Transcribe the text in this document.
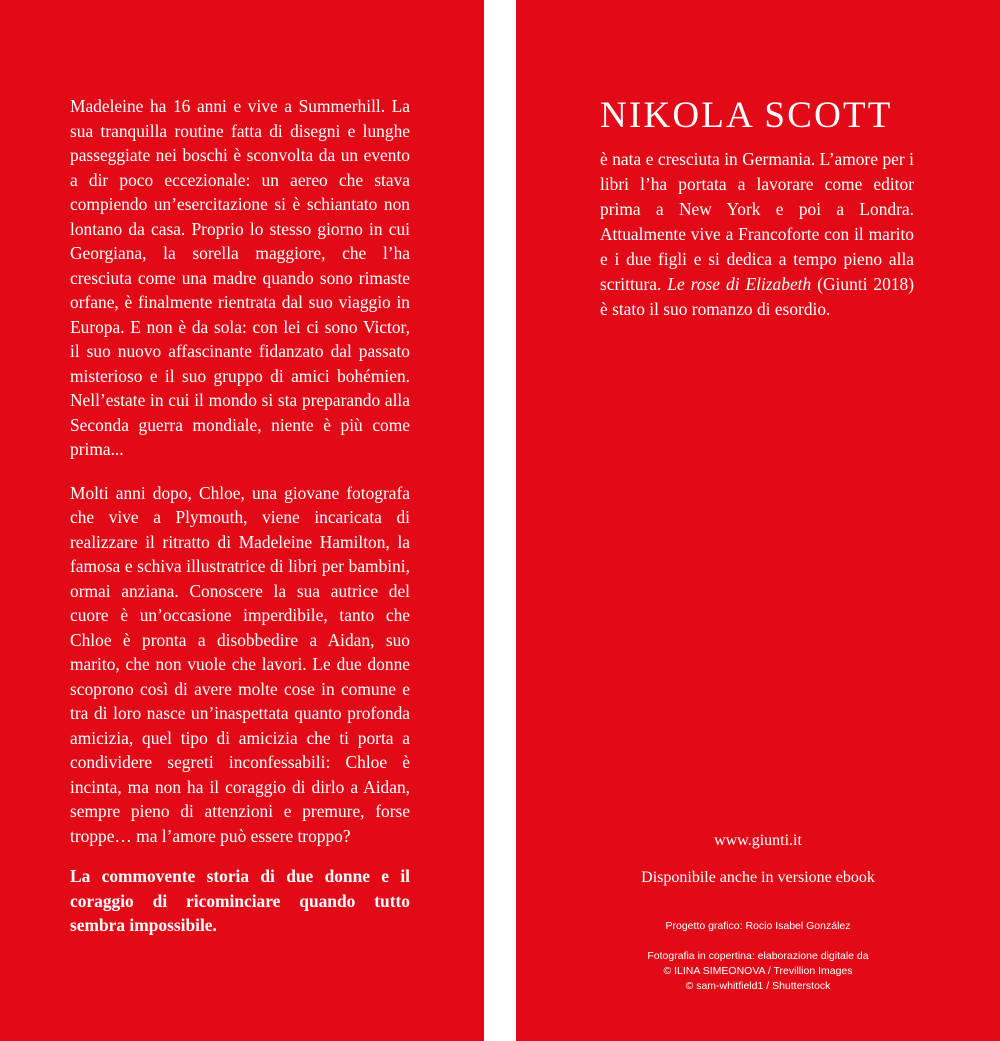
Madeleine ha 16 anni e vive a Summerhill. La sua tranquilla routine fatta di disegni e lunghe passeggiate nei boschi è sconvolta da un evento a dir poco eccezionale: un aereo che stava compiendo un’esercitazione si è schiantato non lontano da casa. Proprio lo stesso giorno in cui Georgiana, la sorella maggiore, che l’ha cresciuta come una madre quando sono rimaste orfane, è finalmente rientrata dal suo viaggio in Europa. E non è da sola: con lei ci sono Victor, il suo nuovo affascinante fidanzato dal passato misterioso e il suo gruppo di amici bohémien. Nell’estate in cui il mondo si sta preparando alla Seconda guerra mondiale, niente è più come prima...

Molti anni dopo, Chloe, una giovane fotografa che vive a Plymouth, viene incaricata di realizzare il ritratto di Madeleine Hamilton, la famosa e schiva illustratrice di libri per bambini, ormai anziana. Conoscere la sua autrice del cuore è un’occasione imperdibile, tanto che Chloe è pronta a disobbedire a Aidan, suo marito, che non vuole che lavori. Le due donne scoprono così di avere molte cose in comune e tra di loro nasce un’inaspettata quanto profonda amicizia, quel tipo di amicizia che ti porta a condividere segreti inconfessabili: Chloe è incinta, ma non ha il coraggio di dirlo a Aidan, sempre pieno di attenzioni e premure, forse troppe… ma l’amore può essere troppo?

La commovente storia di due donne e il coraggio di ricominciare quando tutto sembra impossibile.

NIKOLA SCOTT

è nata e cresciuta in Germania. L’amore per i libri l’ha portata a lavorare come editor prima a New York e poi a Londra. Attualmente vive a Francoforte con il marito e i due figli e si dedica a tempo pieno alla scrittura. Le rose di Elizabeth (Giunti 2018) è stato il suo romanzo di esordio.

www.giunti.it
Disponibile anche in versione ebook
Progetto grafico: Rocio Isabel González
Fotografia in copertina: elaborazione digitale da
© ILINA SIMEONOVA / Trevillion Images
© sam-whitfield1 / Shutterstock
